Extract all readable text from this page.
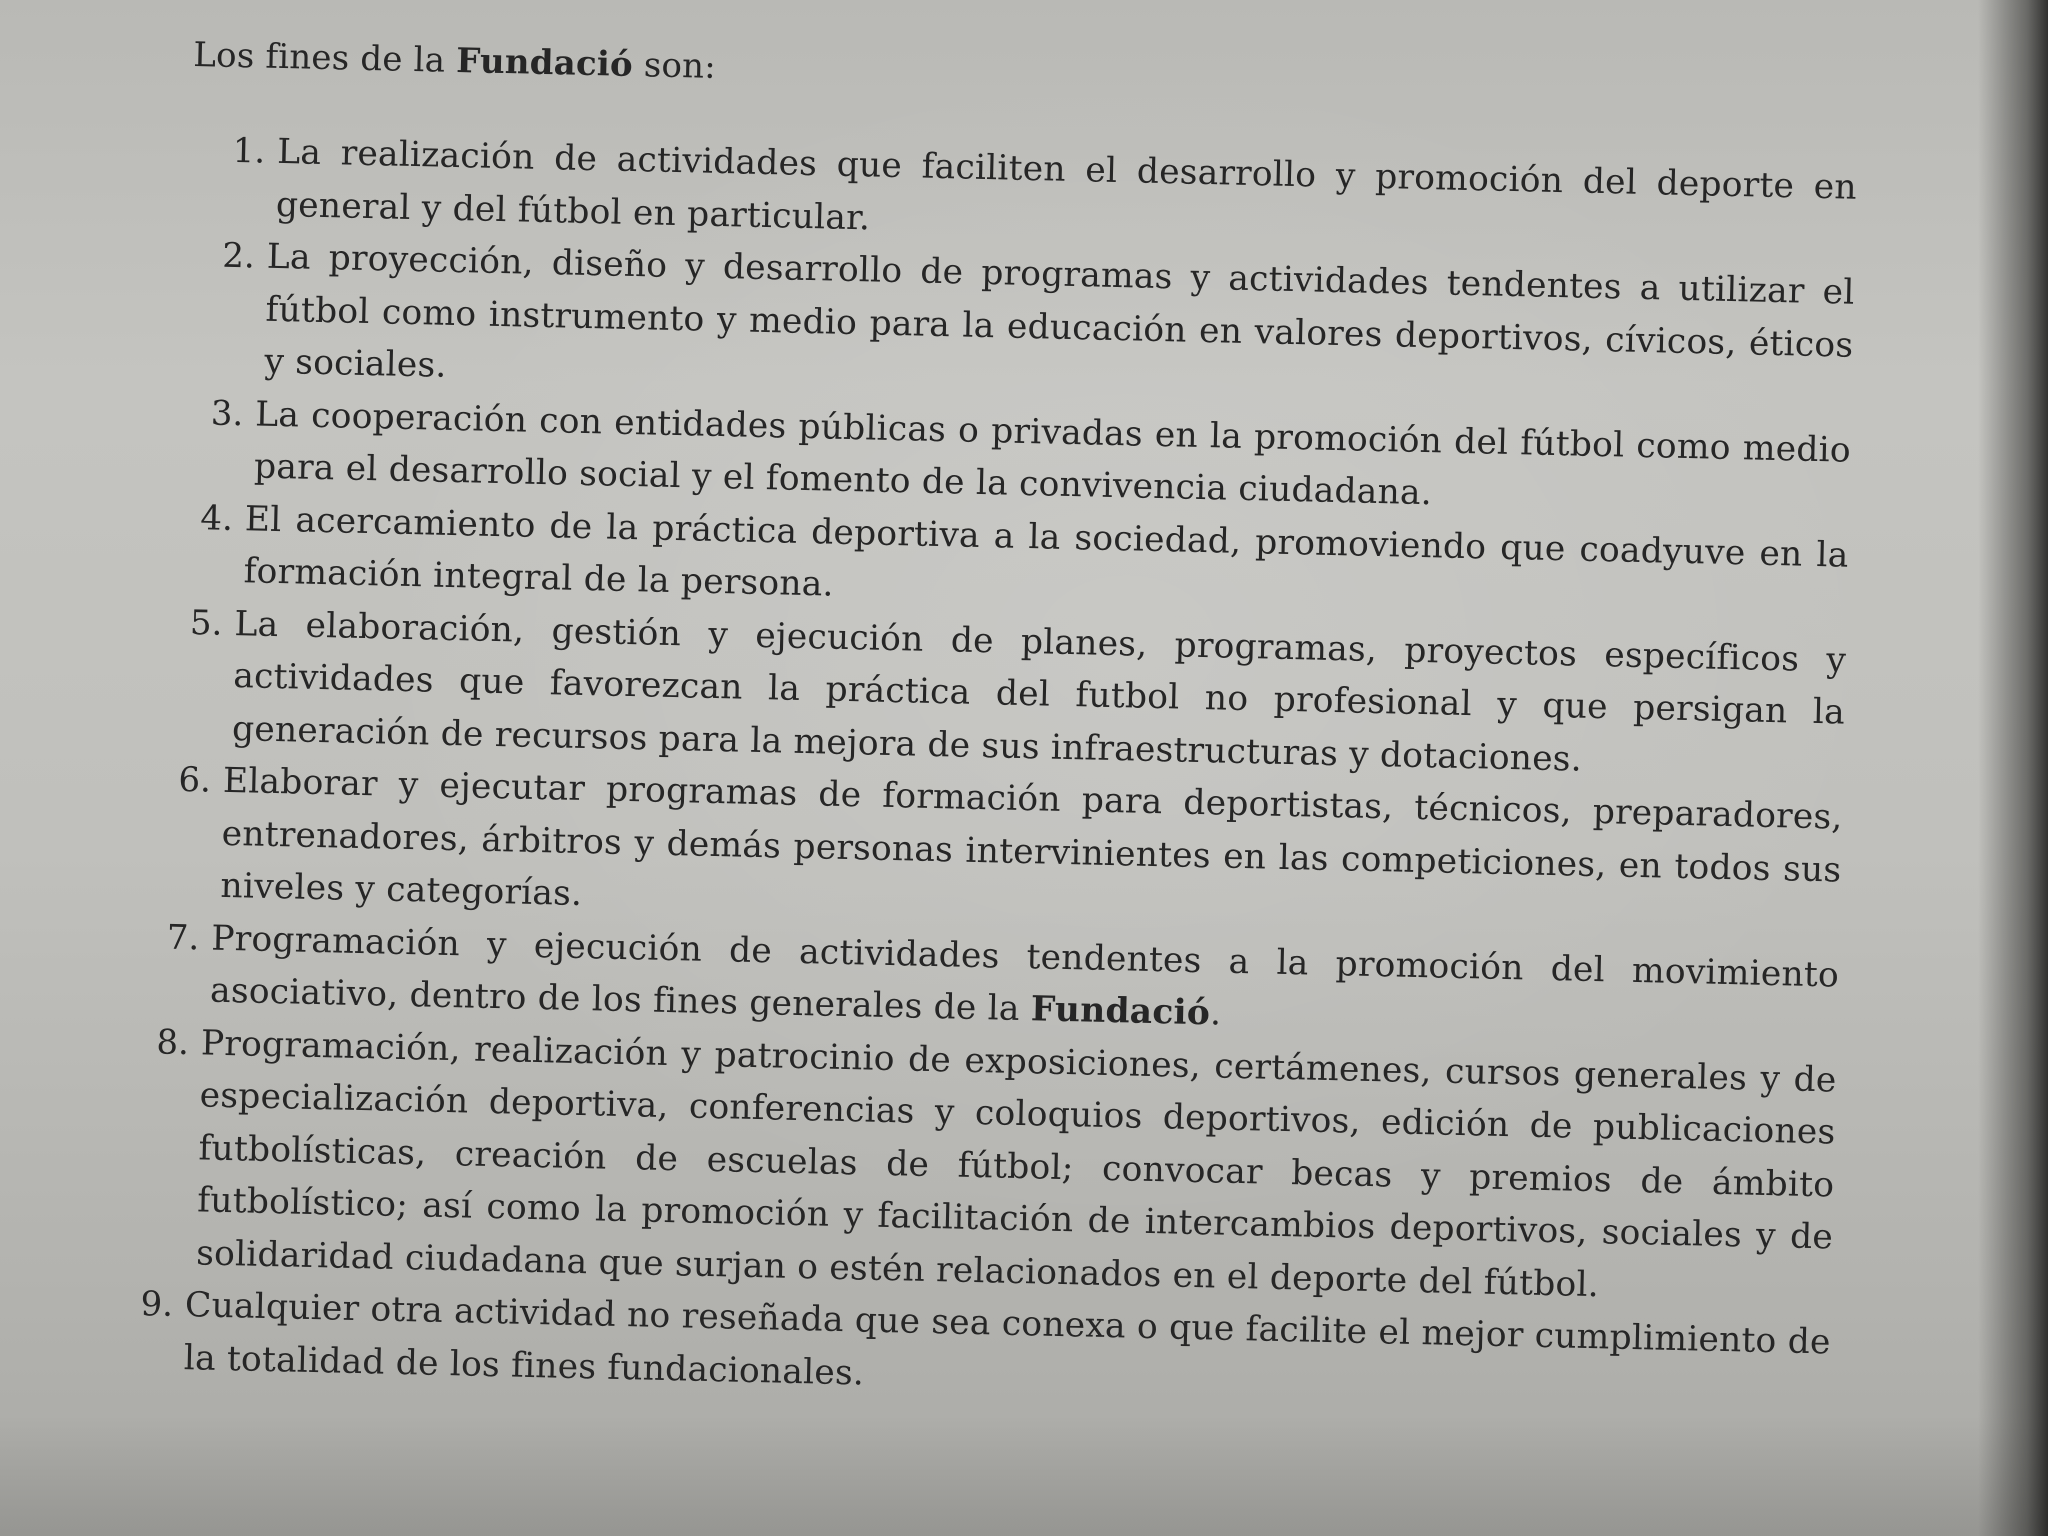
Los fines de la Fundació son:

1. La realización de actividades que faciliten el desarrollo y promoción del deporte en general y del fútbol en particular.
2. La proyección, diseño y desarrollo de programas y actividades tendentes a utilizar el fútbol como instrumento y medio para la educación en valores deportivos, cívicos, éticos y sociales.
3. La cooperación con entidades públicas o privadas en la promoción del fútbol como medio para el desarrollo social y el fomento de la convivencia ciudadana.
4. El acercamiento de la práctica deportiva a la sociedad, promoviendo que coadyuve en la formación integral de la persona.
5. La elaboración, gestión y ejecución de planes, programas, proyectos específicos y actividades que favorezcan la práctica del futbol no profesional y que persigan la generación de recursos para la mejora de sus infraestructuras y dotaciones.
6. Elaborar y ejecutar programas de formación para deportistas, técnicos, preparadores, entrenadores, árbitros y demás personas intervinientes en las competiciones, en todos sus niveles y categorías.
7. Programación y ejecución de actividades tendentes a la promoción del movimiento asociativo, dentro de los fines generales de la Fundació.
8. Programación, realización y patrocinio de exposiciones, certámenes, cursos generales y de especialización deportiva, conferencias y coloquios deportivos, edición de publicaciones futbolísticas, creación de escuelas de fútbol; convocar becas y premios de ámbito futbolístico; así como la promoción y facilitación de intercambios deportivos, sociales y de solidaridad ciudadana que surjan o estén relacionados en el deporte del fútbol.
9. Cualquier otra actividad no reseñada que sea conexa o que facilite el mejor cumplimiento de la totalidad de los fines fundacionales.
